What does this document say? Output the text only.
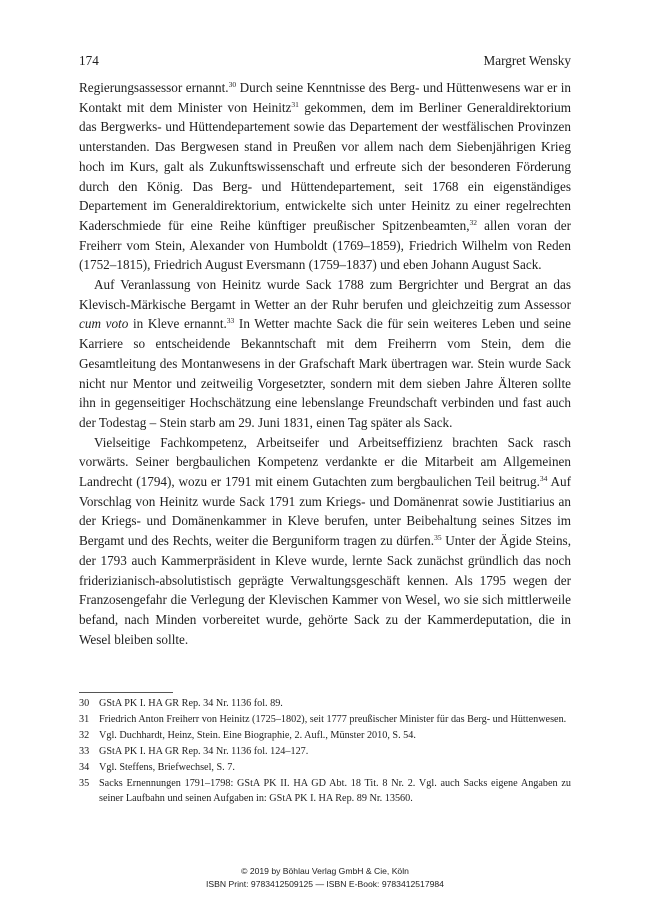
174	Margret Wensky

Regierungsassessor ernannt.$^{30}$ Durch seine Kenntnisse des Berg- und Hüttenwesens war er in Kontakt mit dem Minister von Heinitz$^{31}$ gekommen, dem im Berliner Generaldirektorium das Bergwerks- und Hüttendepartement sowie das Departement der westfälischen Provinzen unterstanden. Das Bergwesen stand in Preußen vor allem nach dem Siebenjährigen Krieg hoch im Kurs, galt als Zukunftswissenschaft und erfreute sich der besonderen Förderung durch den König. Das Berg- und Hüttendepartement, seit 1768 ein eigenständiges Departement im Generaldirektorium, entwickelte sich unter Heinitz zu einer regelrechten Kaderschmiede für eine Reihe künftiger preußischer Spitzenbeamten,$^{32}$ allen voran der Freiherr vom Stein, Alexander von Humboldt (1769–1859), Friedrich Wilhelm von Reden (1752–1815), Friedrich August Eversmann (1759–1837) und eben Johann August Sack.

Auf Veranlassung von Heinitz wurde Sack 1788 zum Bergrichter und Bergrat an das Klevisch-Märkische Bergamt in Wetter an der Ruhr berufen und gleichzeitig zum Assessor cum voto in Kleve ernannt.$^{33}$ In Wetter machte Sack die für sein weiteres Leben und seine Karriere so entscheidende Bekanntschaft mit dem Freiherrn vom Stein, dem die Gesamtleitung des Montanwesens in der Grafschaft Mark übertragen war. Stein wurde Sack nicht nur Mentor und zeitweilig Vorgesetzter, sondern mit dem sieben Jahre Älteren sollte ihn in gegenseitiger Hochschätzung eine lebenslange Freundschaft verbinden und fast auch der Todestag – Stein starb am 29. Juni 1831, einen Tag später als Sack.

Vielseitige Fachkompetenz, Arbeitseifer und Arbeitseffizienz brachten Sack rasch vorwärts. Seiner bergbaulichen Kompetenz verdankte er die Mitarbeit am Allgemeinen Landrecht (1794), wozu er 1791 mit einem Gutachten zum bergbaulichen Teil beitrug.$^{34}$ Auf Vorschlag von Heinitz wurde Sack 1791 zum Kriegs- und Domänenrat sowie Justitiarius an der Kriegs- und Domänenkammer in Kleve berufen, unter Beibehaltung seines Sitzes im Bergamt und des Rechts, weiter die Berguniform tragen zu dürfen.$^{35}$ Unter der Ägide Steins, der 1793 auch Kammerpräsident in Kleve wurde, lernte Sack zunächst gründlich das noch friderizianisch-absolutistisch geprägte Verwaltungsgeschäft kennen. Als 1795 wegen der Franzosengefahr die Verlegung der Klevischen Kammer von Wesel, wo sie sich mittlerweile befand, nach Minden vorbereitet wurde, gehörte Sack zu der Kammerdeputation, die in Wesel bleiben sollte.

30 GStA PK I. HA GR Rep. 34 Nr. 1136 fol. 89.
31 Friedrich Anton Freiherr von Heinitz (1725–1802), seit 1777 preußischer Minister für das Berg- und Hüttenwesen.
32 Vgl. Duchhardt, Heinz, Stein. Eine Biographie, 2. Aufl., Münster 2010, S. 54.
33 GStA PK I. HA GR Rep. 34 Nr. 1136 fol. 124–127.
34 Vgl. Steffens, Briefwechsel, S. 7.
35 Sacks Ernennungen 1791–1798: GStA PK II. HA GD Abt. 18 Tit. 8 Nr. 2. Vgl. auch Sacks eigene Angaben zu seiner Laufbahn und seinen Aufgaben in: GStA PK I. HA Rep. 89 Nr. 13560.
© 2019 by Böhlau Verlag GmbH & Cie, Köln
ISBN Print: 9783412509125 — ISBN E-Book: 9783412517984
